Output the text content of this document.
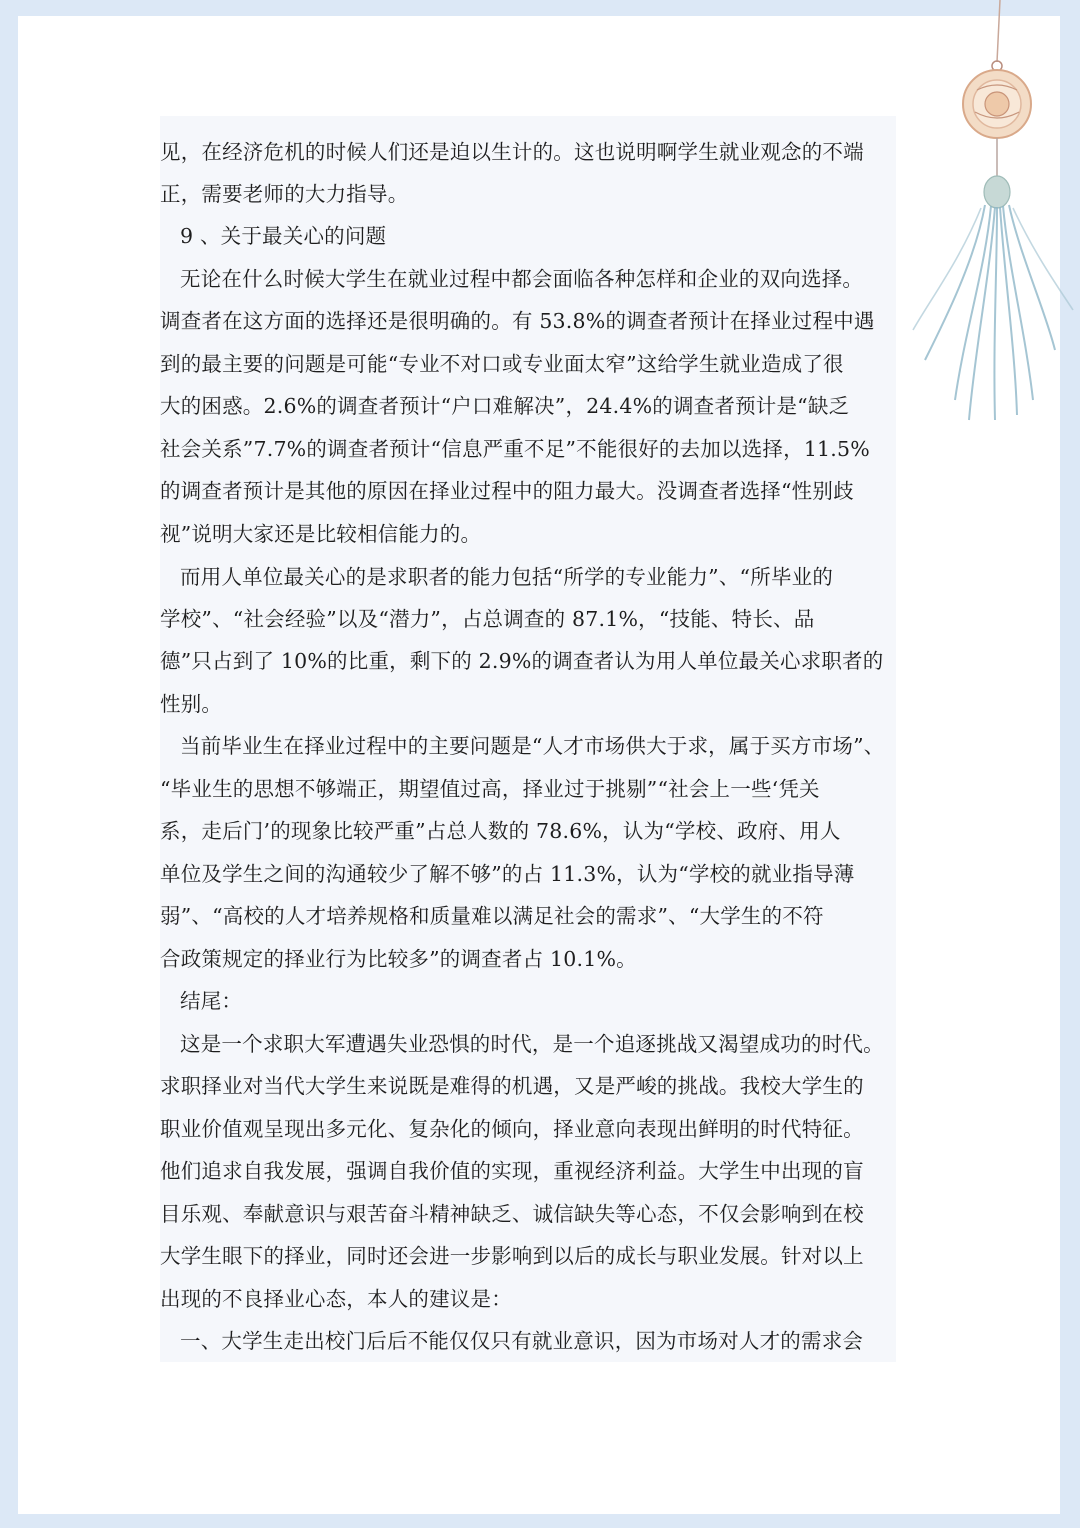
见，在经济危机的时候人们还是迫以生计的。这也说明啊学生就业观念的不端
正，需要老师的大力指导。
9 、关于最关心的问题
无论在什么时候大学生在就业过程中都会面临各种怎样和企业的双向选择。
调查者在这方面的选择还是很明确的。有 53.8%的调查者预计在择业过程中遇
到的最主要的问题是可能“专业不对口或专业面太窄”这给学生就业造成了很
大的困惑。2.6%的调查者预计“户口难解决”，24.4%的调查者预计是“缺乏
社会关系”7.7%的调查者预计“信息严重不足”不能很好的去加以选择，11.5%
的调查者预计是其他的原因在择业过程中的阻力最大。没调查者选择“性别歧
视”说明大家还是比较相信能力的。
而用人单位最关心的是求职者的能力包括“所学的专业能力”、“所毕业的
学校”、“社会经验”以及“潜力”，占总调查的 87.1%，“技能、特长、品
德”只占到了 10%的比重，剩下的 2.9%的调查者认为用人单位最关心求职者的
性别。
当前毕业生在择业过程中的主要问题是“人才市场供大于求，属于买方市场”、
“毕业生的思想不够端正，期望值过高，择业过于挑剔”“社会上一些‘凭关
系，走后门’的现象比较严重”占总人数的 78.6%，认为“学校、政府、用人
单位及学生之间的沟通较少了解不够”的占 11.3%，认为“学校的就业指导薄
弱”、“高校的人才培养规格和质量难以满足社会的需求”、“大学生的不符
合政策规定的择业行为比较多”的调查者占 10.1%。
结尾：
这是一个求职大军遭遇失业恐惧的时代，是一个追逐挑战又渴望成功的时代。
求职择业对当代大学生来说既是难得的机遇，又是严峻的挑战。我校大学生的
职业价值观呈现出多元化、复杂化的倾向，择业意向表现出鲜明的时代特征。
他们追求自我发展，强调自我价值的实现，重视经济利益。大学生中出现的盲
目乐观、奉献意识与艰苦奋斗精神缺乏、诚信缺失等心态，不仅会影响到在校
大学生眼下的择业，同时还会进一步影响到以后的成长与职业发展。针对以上
出现的不良择业心态，本人的建议是：
一、大学生走出校门后后不能仅仅只有就业意识，因为市场对人才的需求会
